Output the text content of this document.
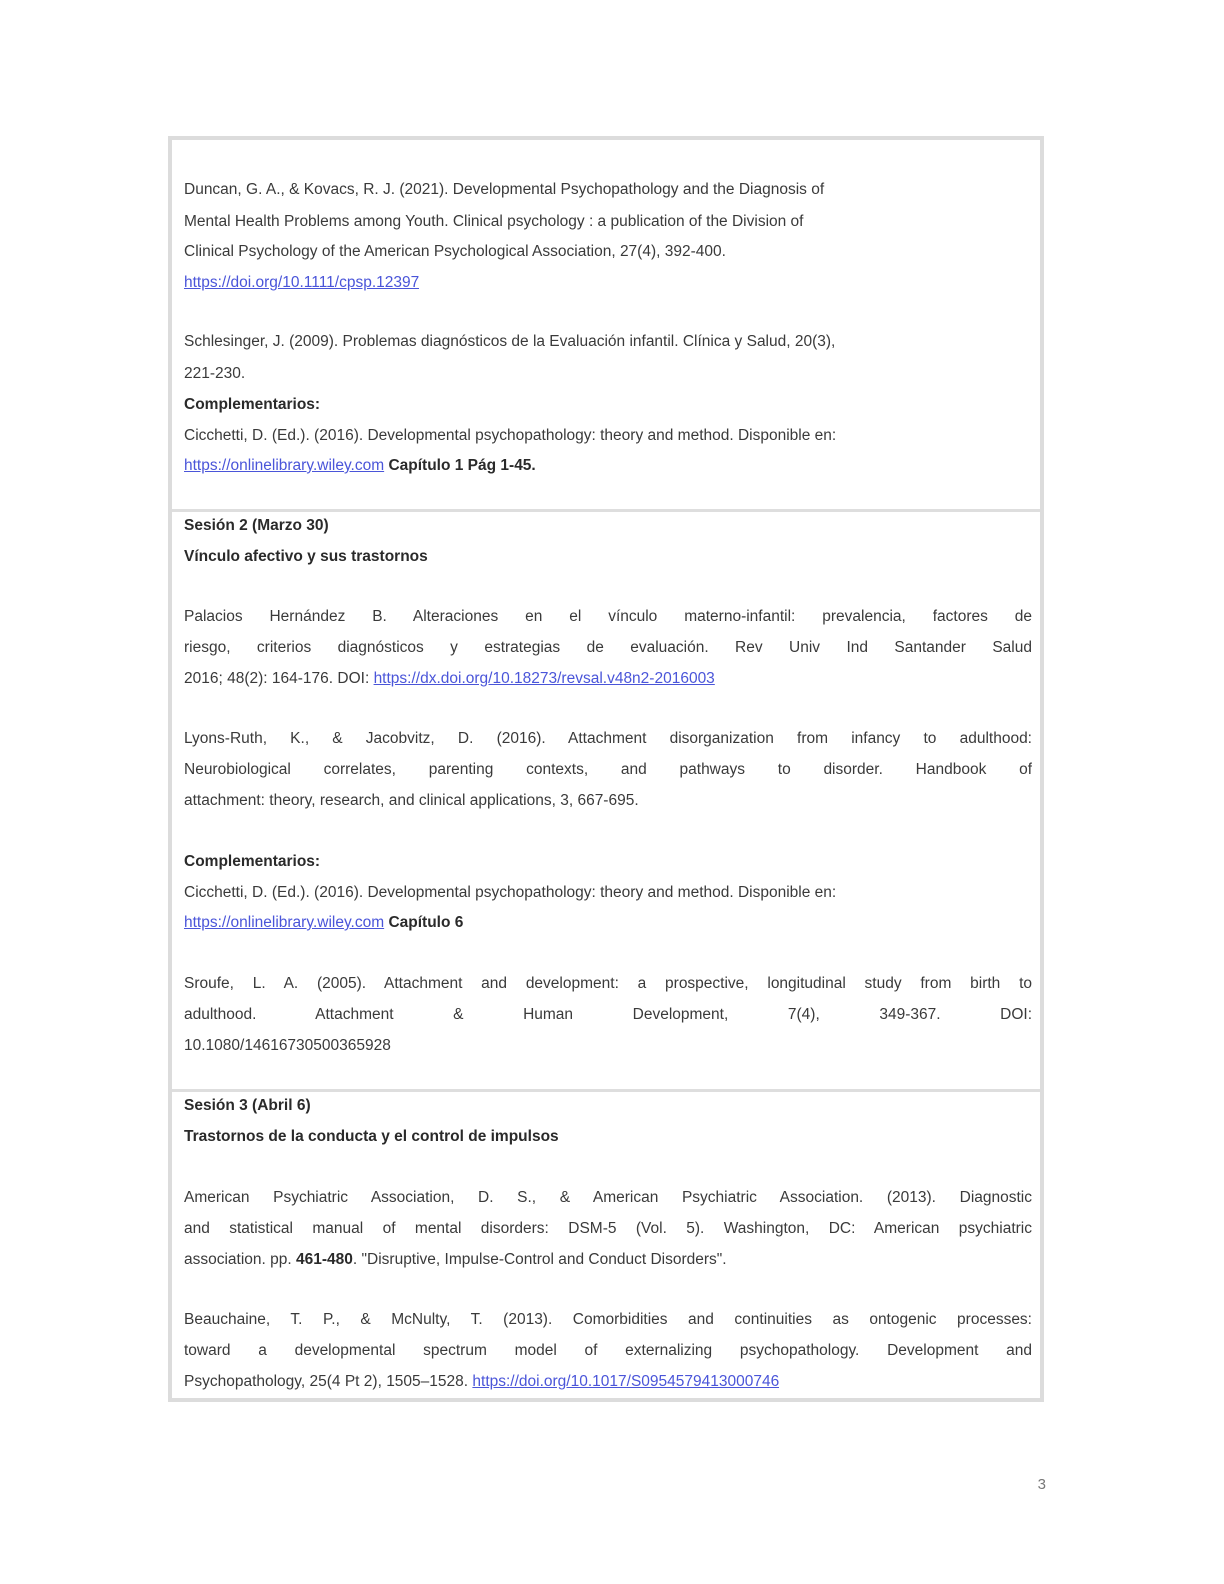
Duncan, G. A., & Kovacs, R. J. (2021). Developmental Psychopathology and the Diagnosis of
Mental Health Problems among Youth. Clinical psychology : a publication of the Division of
Clinical Psychology of the American Psychological Association, 27(4), 392-400.
https://doi.org/10.1111/cpsp.12397
Schlesinger, J. (2009). Problemas diagnósticos de la Evaluación infantil. Clínica y Salud, 20(3),
221-230.
Complementarios:
Cicchetti, D. (Ed.). (2016). Developmental psychopathology: theory and method. Disponible en:
https://onlinelibrary.wiley.com Capítulo 1 Pág 1-45.
Sesión 2 (Marzo 30)
Vínculo afectivo y sus trastornos
Palacios Hernández B. Alteraciones en el vínculo materno-infantil: prevalencia, factores de
riesgo, criterios diagnósticos y estrategias de evaluación. Rev Univ Ind Santander Salud
2016; 48(2): 164-176. DOI: https://dx.doi.org/10.18273/revsal.v48n2-2016003
Lyons-Ruth, K., & Jacobvitz, D. (2016). Attachment disorganization from infancy to adulthood:
Neurobiological correlates, parenting contexts, and pathways to disorder. Handbook of
attachment: theory, research, and clinical applications, 3, 667-695.
Complementarios:
Cicchetti, D. (Ed.). (2016). Developmental psychopathology: theory and method. Disponible en:
https://onlinelibrary.wiley.com Capítulo 6
Sroufe, L. A. (2005). Attachment and development: a prospective, longitudinal study from birth to
adulthood. Attachment & Human Development, 7(4), 349-367. DOI:
10.1080/14616730500365928
Sesión 3 (Abril 6)
Trastornos de la conducta y el control de impulsos
American Psychiatric Association, D. S., & American Psychiatric Association. (2013). Diagnostic
and statistical manual of mental disorders: DSM-5 (Vol. 5). Washington, DC: American psychiatric
association. pp. 461-480. "Disruptive, Impulse-Control and Conduct Disorders".
Beauchaine, T. P., & McNulty, T. (2013). Comorbidities and continuities as ontogenic processes:
toward a developmental spectrum model of externalizing psychopathology. Development and
Psychopathology, 25(4 Pt 2), 1505–1528. https://doi.org/10.1017/S0954579413000746
3
